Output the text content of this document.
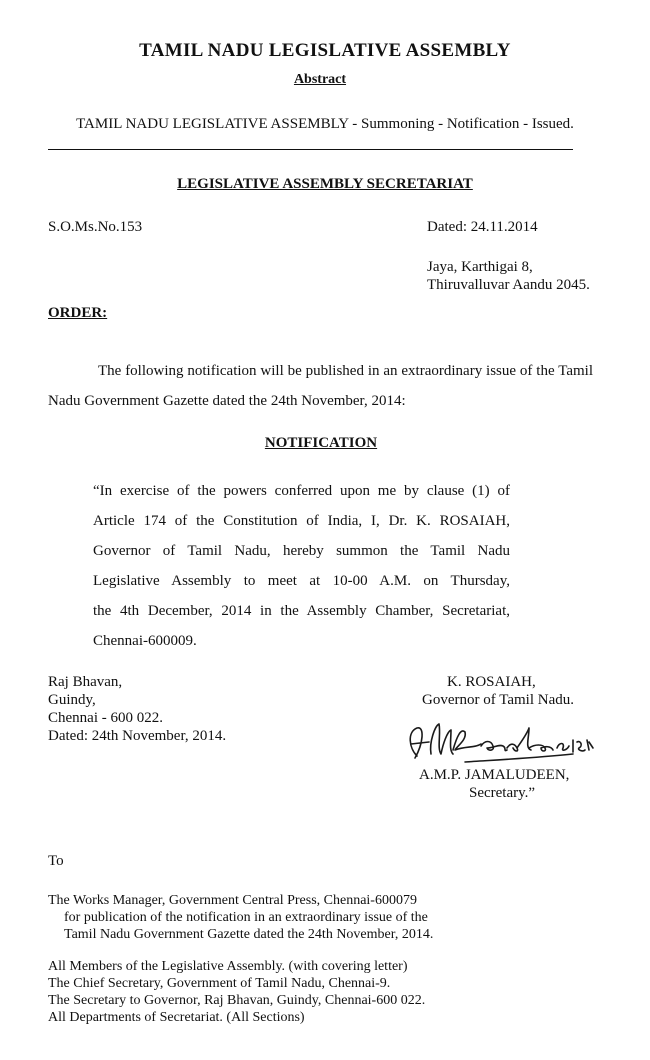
TAMIL NADU LEGISLATIVE ASSEMBLY
Abstract
TAMIL NADU LEGISLATIVE ASSEMBLY - Summoning - Notification - Issued.
LEGISLATIVE ASSEMBLY SECRETARIAT
S.O.Ms.No.153	Dated: 24.11.2014
Jaya, Karthigai 8,
Thiruvalluvar Aandu 2045.
ORDER:
The following notification will be published in an extraordinary issue of the Tamil Nadu Government Gazette dated the 24th November, 2014:
NOTIFICATION
“In exercise of the powers conferred upon me by clause (1) of
Article 174 of the Constitution of India, I, Dr. K. ROSAIAH,
Governor of Tamil Nadu, hereby summon the Tamil Nadu
Legislative Assembly to meet at 10-00 A.M. on Thursday,
the 4th December, 2014 in the Assembly Chamber, Secretariat,
Chennai-600009.
Raj Bhavan,
Guindy,
Chennai - 600 022.
Dated: 24th November, 2014.
K. ROSAIAH,
Governor of Tamil Nadu.
AMPJamaludeen 29/11/14
A.M.P. JAMALUDEEN,
Secretary.”
To
The Works Manager, Government Central Press, Chennai-600079
for publication of the notification in an extraordinary issue of the
Tamil Nadu Government Gazette dated the 24th November, 2014.
All Members of the Legislative Assembly. (with covering letter)
The Chief Secretary, Government of Tamil Nadu, Chennai-9.
The Secretary to Governor, Raj Bhavan, Guindy, Chennai-600 022.
All Departments of Secretariat. (All Sections)
